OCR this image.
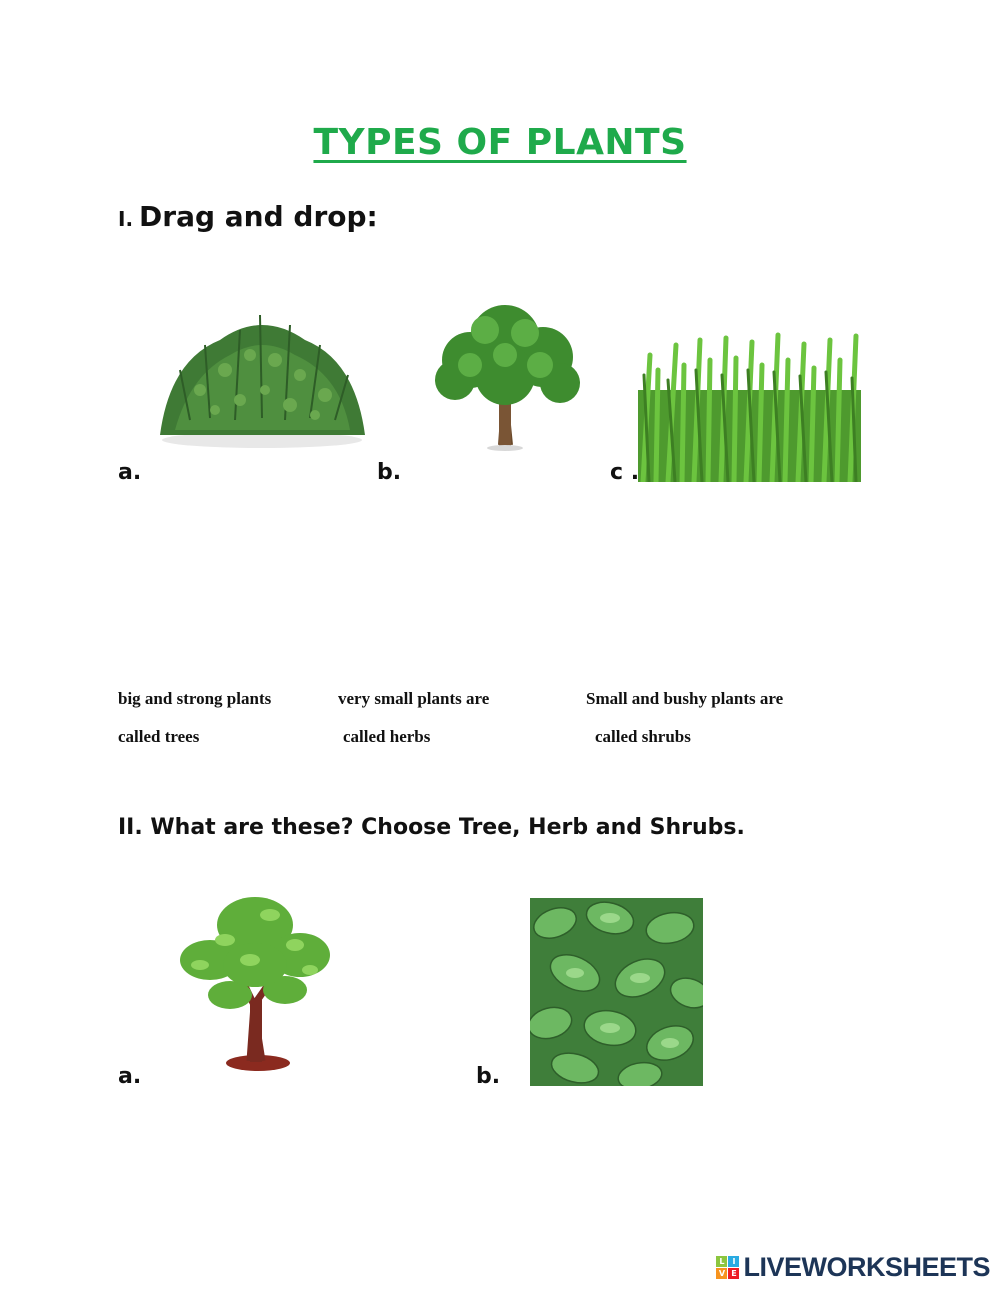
TYPES OF PLANTS
I. Drag and drop:
a.	b.	c .
big and strong plants
called trees
very small plants are
called herbs
Small and bushy plants are
called shrubs
II. What are these? Choose Tree, Herb and Shrubs.
a.	b.
L I
V E LIVEWORKSHEETS
